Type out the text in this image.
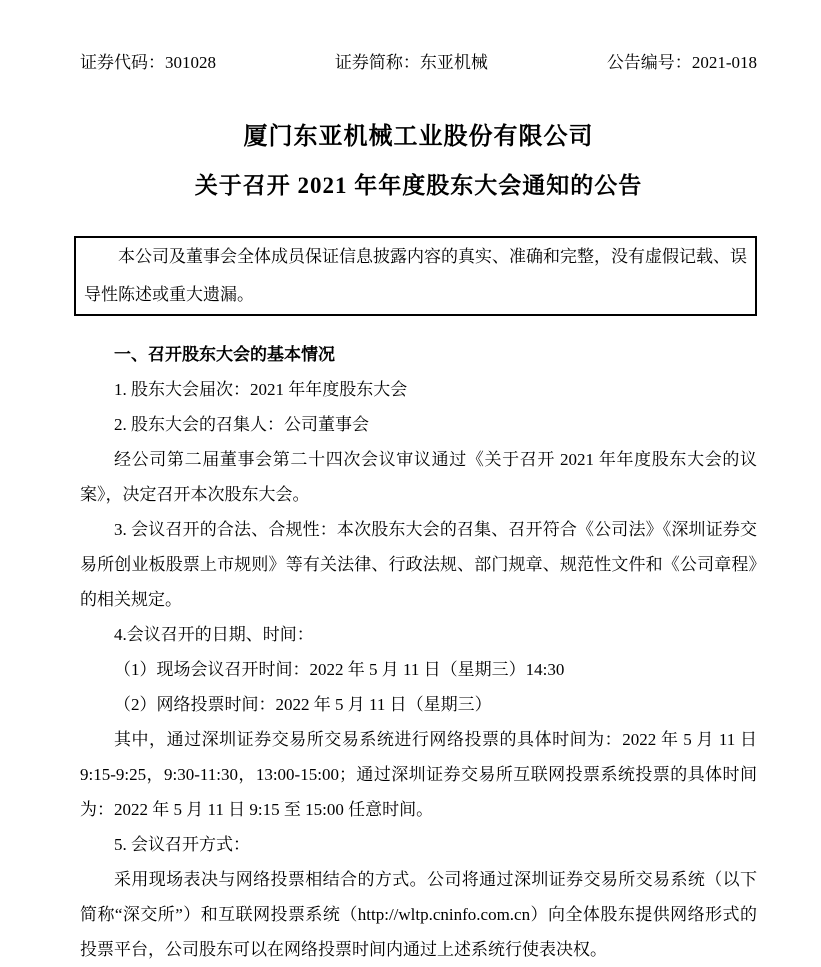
证券代码：301028	证券简称：东亚机械	公告编号：2021-018
厦门东亚机械工业股份有限公司
关于召开 2021 年年度股东大会通知的公告

本公司及董事会全体成员保证信息披露内容的真实、准确和完整，没有虚假记载、误导性陈述或重大遗漏。

一、召开股东大会的基本情况

1. 股东大会届次：2021 年年度股东大会

2. 股东大会的召集人：公司董事会

经公司第二届董事会第二十四次会议审议通过《关于召开 2021 年年度股东大会的议案》，决定召开本次股东大会。

3. 会议召开的合法、合规性：本次股东大会的召集、召开符合《公司法》《深圳证券交易所创业板股票上市规则》等有关法律、行政法规、部门规章、规范性文件和《公司章程》的相关规定。

4.会议召开的日期、时间：

（1）现场会议召开时间：2022 年 5 月 11 日（星期三）14:30

（2）网络投票时间：2022 年 5 月 11 日（星期三）

其中，通过深圳证券交易所交易系统进行网络投票的具体时间为：2022 年 5 月 11 日 9:15-9:25，9:30-11:30，13:00-15:00；通过深圳证券交易所互联网投票系统投票的具体时间为：2022 年 5 月 11 日 9:15 至 15:00 任意时间。

5. 会议召开方式：

采用现场表决与网络投票相结合的方式。公司将通过深圳证券交易所交易系统（以下简称“深交所”）和互联网投票系统（http://wltp.cninfo.com.cn）向全体股东提供网络形式的投票平台，公司股东可以在网络投票时间内通过上述系统行使表决权。
